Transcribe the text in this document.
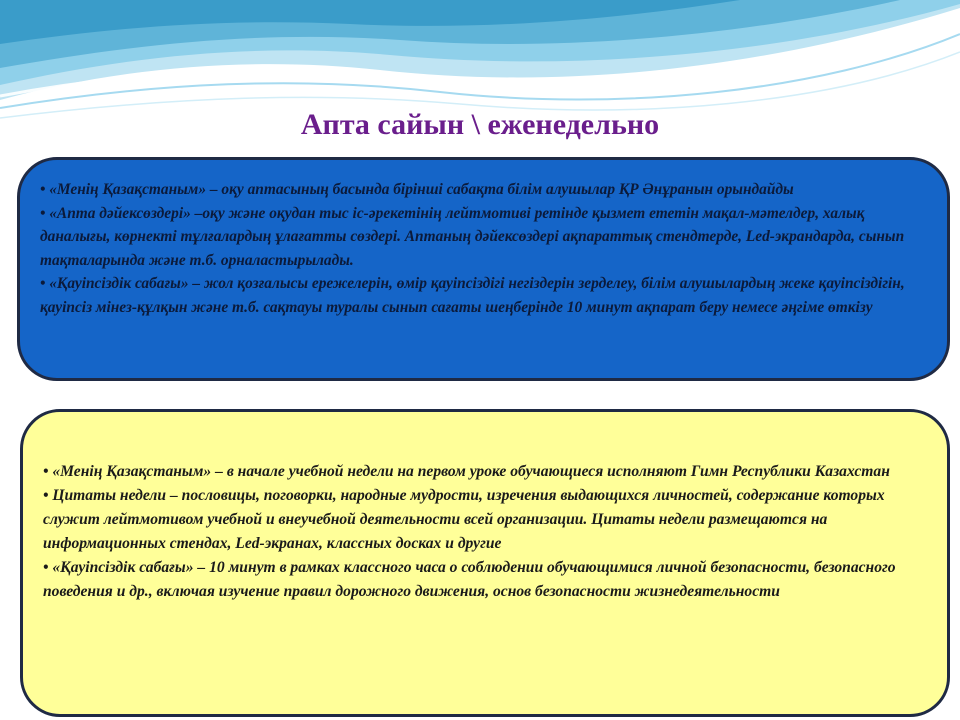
Апта сайын \ еженедельно

• «Менің Қазақстаным» – оқу аптасының басында бірінші сабақта білім алушылар ҚР Әнұранын орындайды

• «Апта дәйексөздері» –оқу және оқудан тыс іс-әрекетінің лейтмотиві ретінде қызмет ететін мақал-мәтелдер, халық даналығы, көрнекті тұлғалардың ұлағатты сөздері. Аптаның дәйексөздері ақпараттық стендтерде, Led-экрандарда, сынып тақталарында және т.б. орналастырылады.

• «Қауіпсіздік сабағы» – жол қозғалысы ережелерін, өмір қауіпсіздігі негіздерін зерделеу, білім алушылардың жеке қауіпсіздігін, қауіпсіз мінез-құлқын және т.б. сақтауы туралы сынып сағаты шеңберінде 10 минут ақпарат беру немесе әңгіме өткізу

• «Менің Қазақстаным» – в начале учебной недели на первом уроке обучающиеся исполняют Гимн Республики Казахстан

• Цитаты недели – пословицы, поговорки, народные мудрости, изречения выдающихся личностей, содержание которых служит лейтмотивом учебной и внеучебной деятельности всей организации. Цитаты недели размещаются на информационных стендах, Led-экранах, классных досках и другие

• «Қауіпсіздік сабағы» – 10 минут в рамках классного часа о соблюдении обучающимися личной безопасности, безопасного поведения и др., включая изучение правил дорожного движения, основ безопасности жизнедеятельности
